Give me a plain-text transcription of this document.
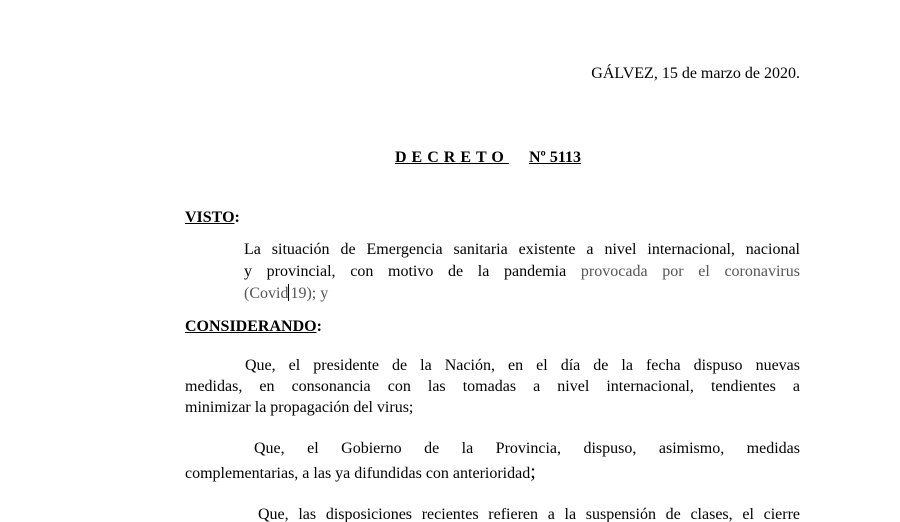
GÁLVEZ, 15 de marzo de 2020.
DECRETO Nº 5113
VISTO:
La situación de Emergencia sanitaria existente a nivel internacional, nacional
y provincial, con motivo de la pandemia provocada por el coronavirus
(Covid 19); y
CONSIDERANDO:
Que, el presidente de la Nación, en el día de la fecha dispuso nuevas
medidas, en consonancia con las tomadas a nivel internacional, tendientes a
minimizar la propagación del virus;
Que, el Gobierno de la Provincia, dispuso, asimismo, medidas
complementarias, a las ya difundidas con anterioridad;
Que, las disposiciones recientes refieren a la suspensión de clases, el cierre
